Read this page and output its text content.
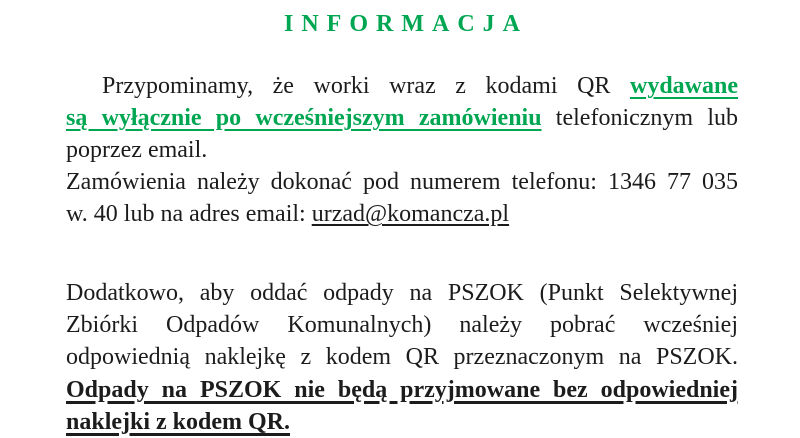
INFORMACJA
Przypominamy, że worki wraz z kodami QR wydawane
są wyłącznie po wcześniejszym zamówieniu telefonicznym lub
poprzez email.
Zamówienia należy dokonać pod numerem telefonu: 1346 77 035
w. 40 lub na adres email: urzad@komancza.pl
Dodatkowo, aby oddać odpady na PSZOK (Punkt Selektywnej
Zbiórki Odpadów Komunalnych) należy pobrać wcześniej
odpowiednią naklejkę z kodem QR przeznaczonym na PSZOK.
Odpady na PSZOK nie będą przyjmowane bez odpowiedniej
naklejki z kodem QR.
